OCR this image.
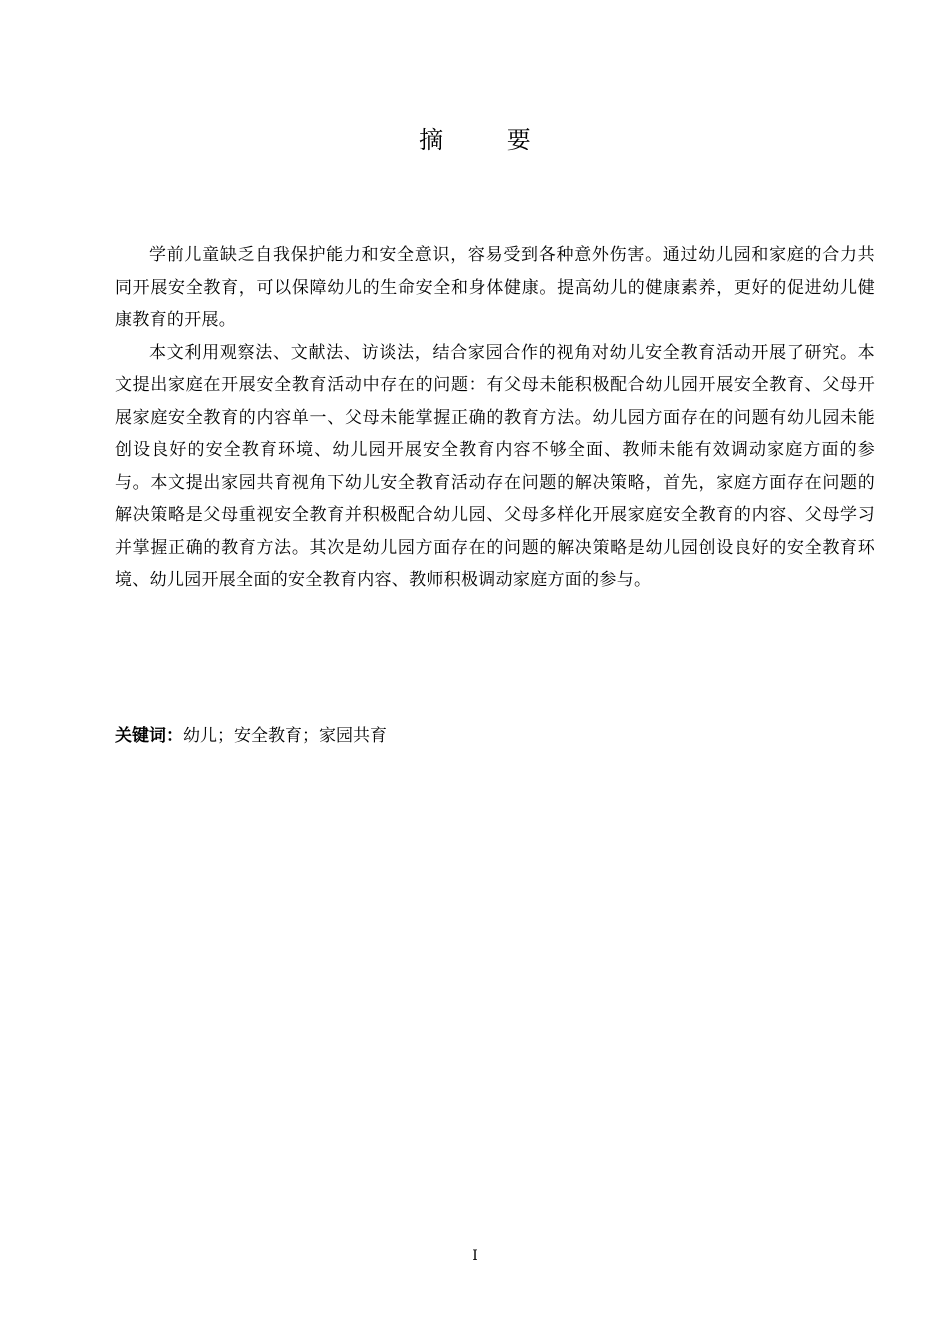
摘 要

学前儿童缺乏自我保护能力和安全意识，容易受到各种意外伤害。通过幼儿园和家庭的合力共同开展安全教育，可以保障幼儿的生命安全和身体健康。提高幼儿的健康素养，更好的促进幼儿健康教育的开展。

本文利用观察法、文献法、访谈法，结合家园合作的视角对幼儿安全教育活动开展了研究。本文提出家庭在开展安全教育活动中存在的问题：有父母未能积极配合幼儿园开展安全教育、父母开展家庭安全教育的内容单一、父母未能掌握正确的教育方法。幼儿园方面存在的问题有幼儿园未能创设良好的安全教育环境、幼儿园开展安全教育内容不够全面、教师未能有效调动家庭方面的参与。本文提出家园共育视角下幼儿安全教育活动存在问题的解决策略，首先，家庭方面存在问题的解决策略是父母重视安全教育并积极配合幼儿园、父母多样化开展家庭安全教育的内容、父母学习并掌握正确的教育方法。其次是幼儿园方面存在的问题的解决策略是幼儿园创设良好的安全教育环境、幼儿园开展全面的安全教育内容、教师积极调动家庭方面的参与。

关键词：幼儿；安全教育；家园共育
I
